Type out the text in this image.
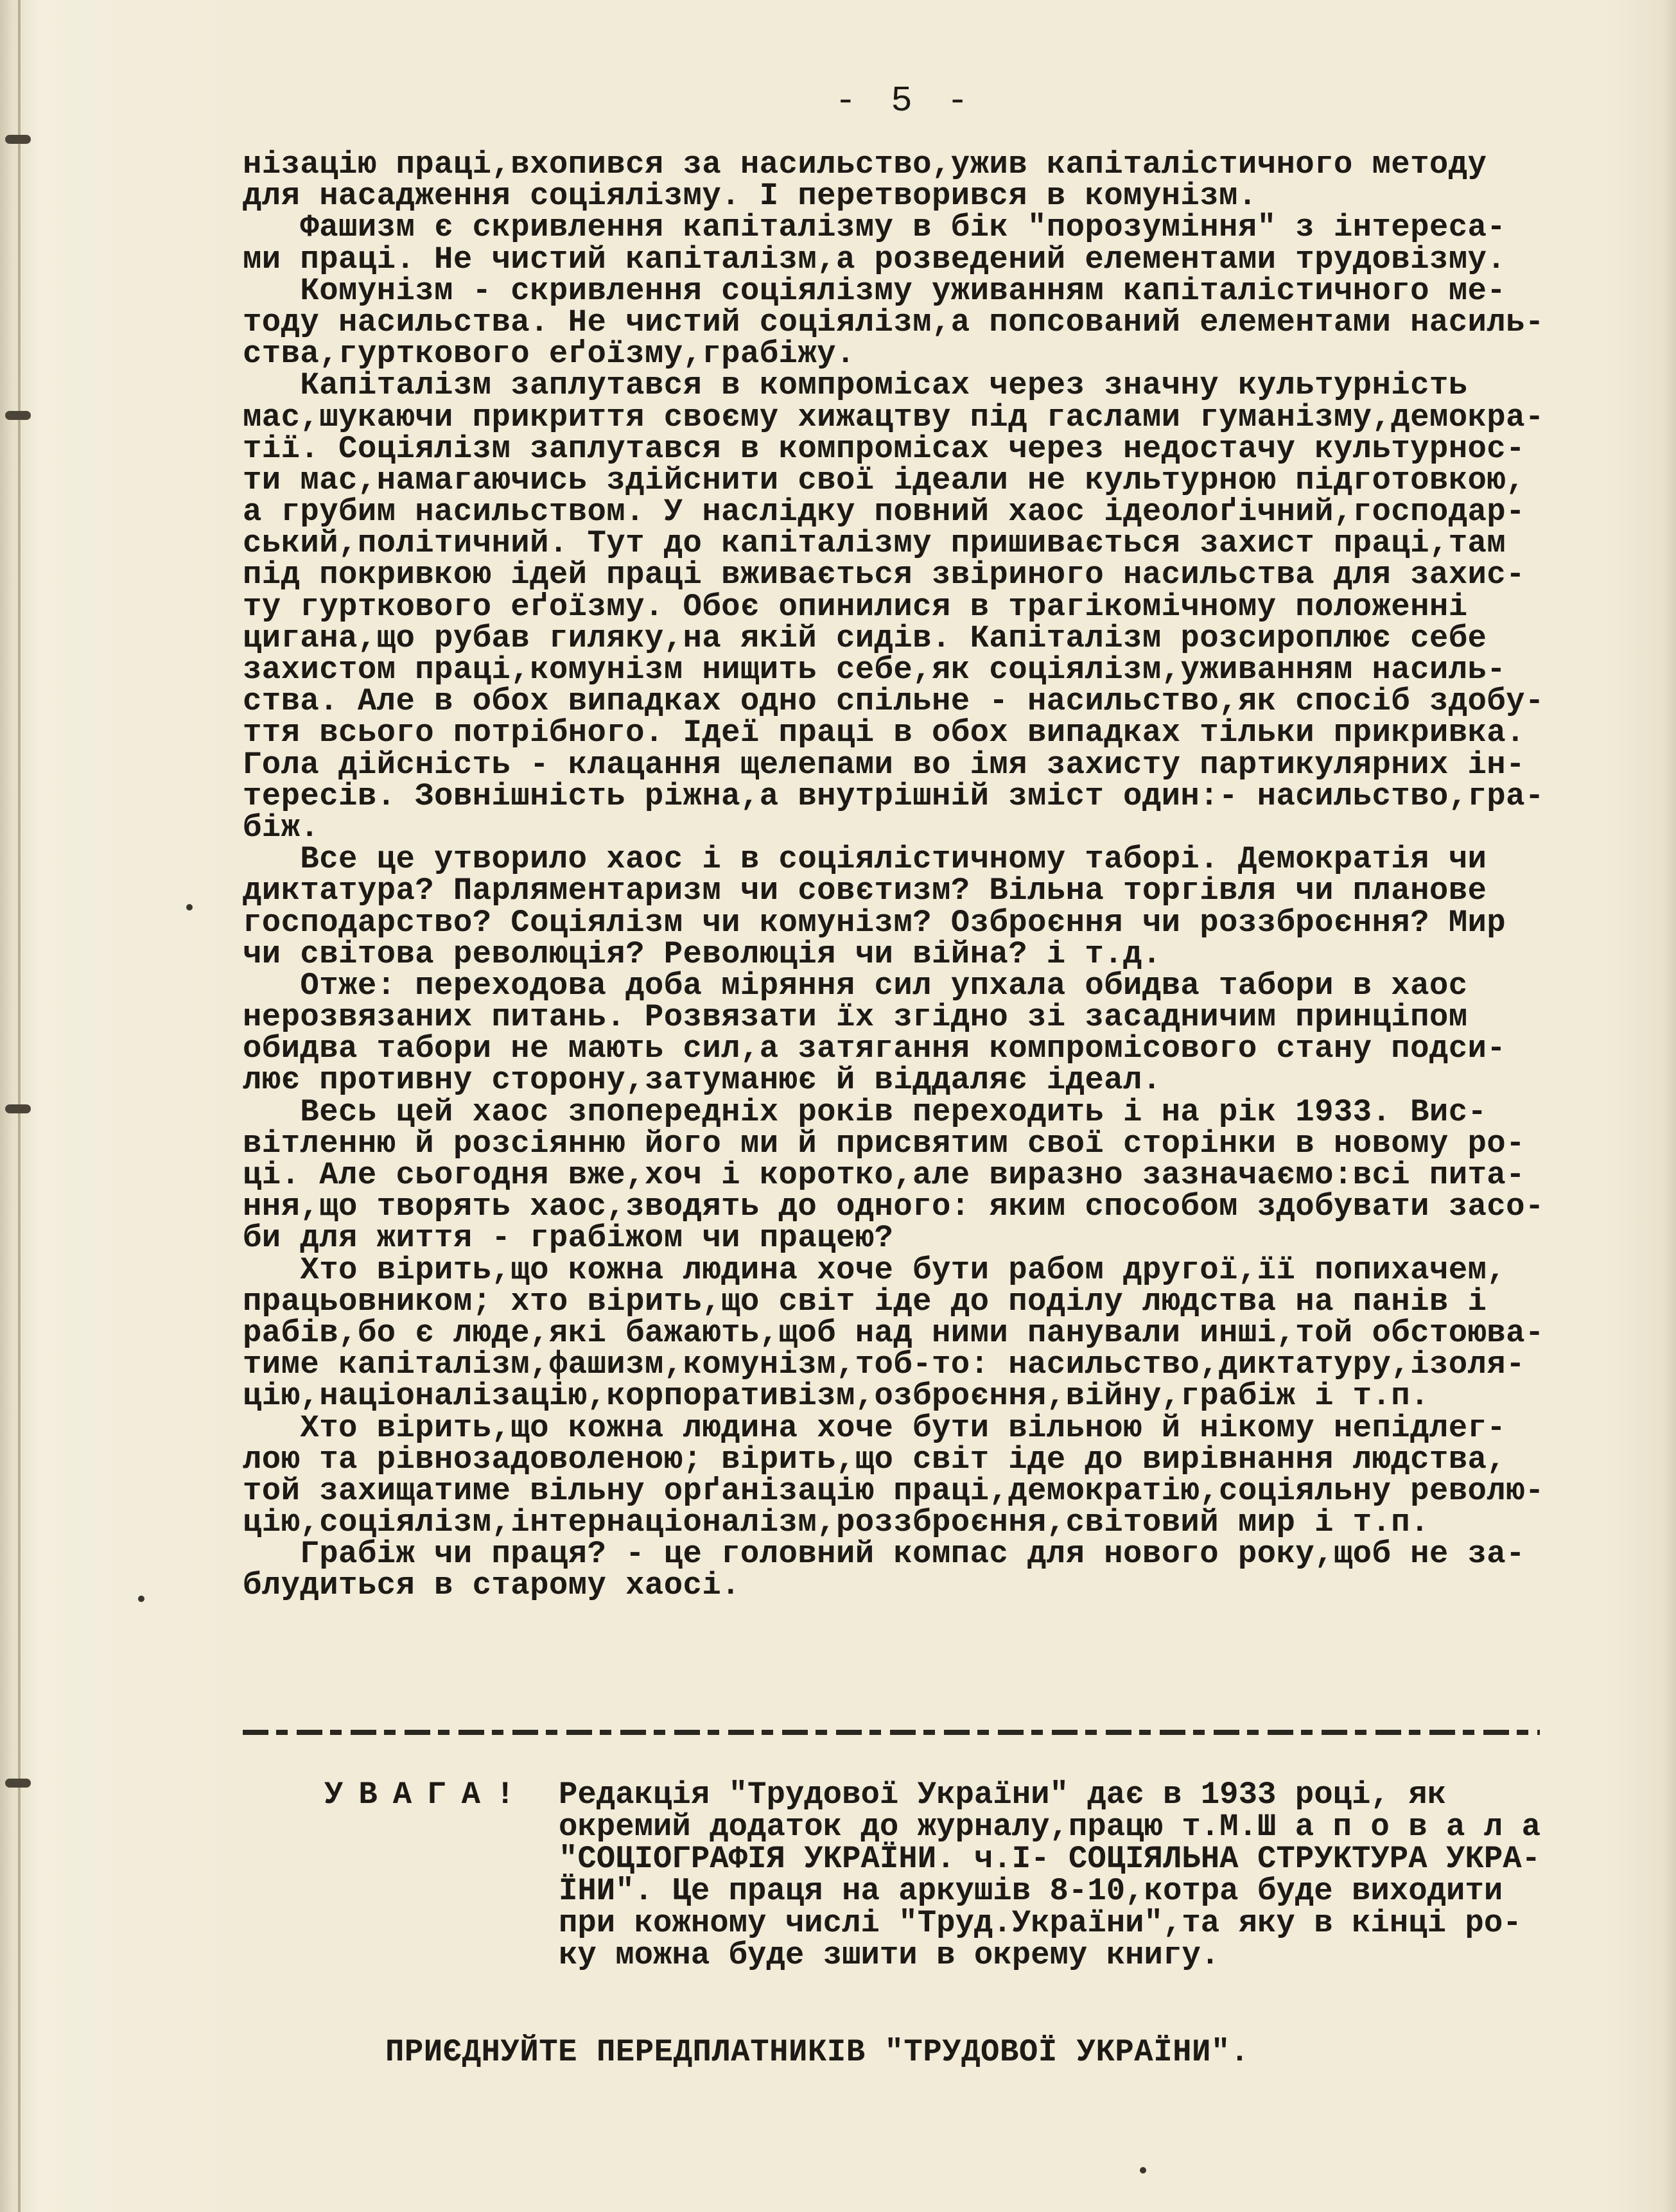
- 5 -
нізацію праці,вхопився за насильство,ужив капіталістичного методу
для насадження соціялізму. І перетворився в комунізм.
Фашизм є скривлення капіталізму в бік "порозуміння" з інтереса-
ми праці. Не чистий капіталізм,а розведений елементами трудовізму.
Комунізм - скривлення соціялізму уживанням капіталістичного ме-
тоду насильства. Не чистий соціялізм,а попсований елементами насиль-
ства,гурткового еґоїзму,грабіжу.
Капіталізм заплутався в компромісах через значну культурність
мас,шукаючи прикриття своєму хижацтву під гаслами гуманізму,демокра-
тії. Соціялізм заплутався в компромісах через недостачу культурнос-
ти мас,намагаючись здійснити свої ідеали не культурною підготовкою,
а грубим насильством. У наслідку повний хаос ідеолоґічний,господар-
ський,політичний. Тут до капіталізму пришивається захист праці,там
під покривкою ідей праці вживається звіриного насильства для захис-
ту гурткового еґоїзму. Обоє опинилися в трагікомічному положенні
цигана,що рубав гиляку,на якій сидів. Капіталізм розсироплює себе
захистом праці,комунізм нищить себе,як соціялізм,уживанням насиль-
ства. Але в обох випадках одно спільне - насильство,як спосіб здобу-
ття всього потрібного. Ідеї праці в обох випадках тільки прикривка.
Гола дійсність - клацання щелепами во імя захисту партикулярних ін-
тересів. Зовнішність ріжна,а внутрішній зміст один:- насильство,гра-
біж.
Все це утворило хаос і в соціялістичному таборі. Демократія чи
диктатура? Парляментаризм чи совєтизм? Вільна торгівля чи планове
господарство? Соціялізм чи комунізм? Озброєння чи роззброєння? Мир
чи світова революція? Революція чи війна? і т.д.
Отже: переходова доба міряння сил упхала обидва табори в хаос
нерозвязаних питань. Розвязати їх згідно зі засадничим принціпом
обидва табори не мають сил,а затягання компромісового стану подси-
лює противну сторону,затуманює й віддаляє ідеал.
Весь цей хаос зпопередніх років переходить і на рік 1933. Вис-
вітленню й розсіянню його ми й присвятим свої сторінки в новому ро-
ці. Але сьогодня вже,хоч і коротко,але виразно зазначаємо:всі пита-
ння,що творять хаос,зводять до одного: яким способом здобувати засо-
би для життя - грабіжом чи працею?
Хто вірить,що кожна людина хоче бути рабом другої,її попихачем,
працьовником; хто вірить,що світ іде до поділу людства на панів і
рабів,бо є люде,які бажають,щоб над ними панували инші,той обстоюва-
тиме капіталізм,фашизм,комунізм,тоб-то: насильство,диктатуру,ізоля-
цію,націоналізацію,корпоративізм,озброєння,війну,грабіж і т.п.
Хто вірить,що кожна людина хоче бути вільною й нікому непідлег-
лою та рівнозадоволеною; вірить,що світ іде до вирівнання людства,
той захищатиме вільну орґанізацію праці,демократію,соціяльну револю-
цію,соціялізм,інтернаціоналізм,роззброєння,світовий мир і т.п.
Грабіж чи праця? - це головний компас для нового року,щоб не за-
блудиться в старому хаосі.

УВАГА!

Редакція "Трудової України" дає в 1933 році, як
окремий додаток до журналу,працю т.М.Ш а п о в а л а
"СОЦІОГРАФІЯ УКРАЇНИ. ч.І- СОЦІЯЛЬНА СТРУКТУРА УКРА-
ЇНИ". Це праця на аркушів 8-10,котра буде виходити
при кожному числі "Труд.України",та яку в кінці ро-
ку можна буде зшити в окрему книгу.

ПРИЄДНУЙТЕ ПЕРЕДПЛАТНИКІВ "ТРУДОВОЇ УКРАЇНИ".
